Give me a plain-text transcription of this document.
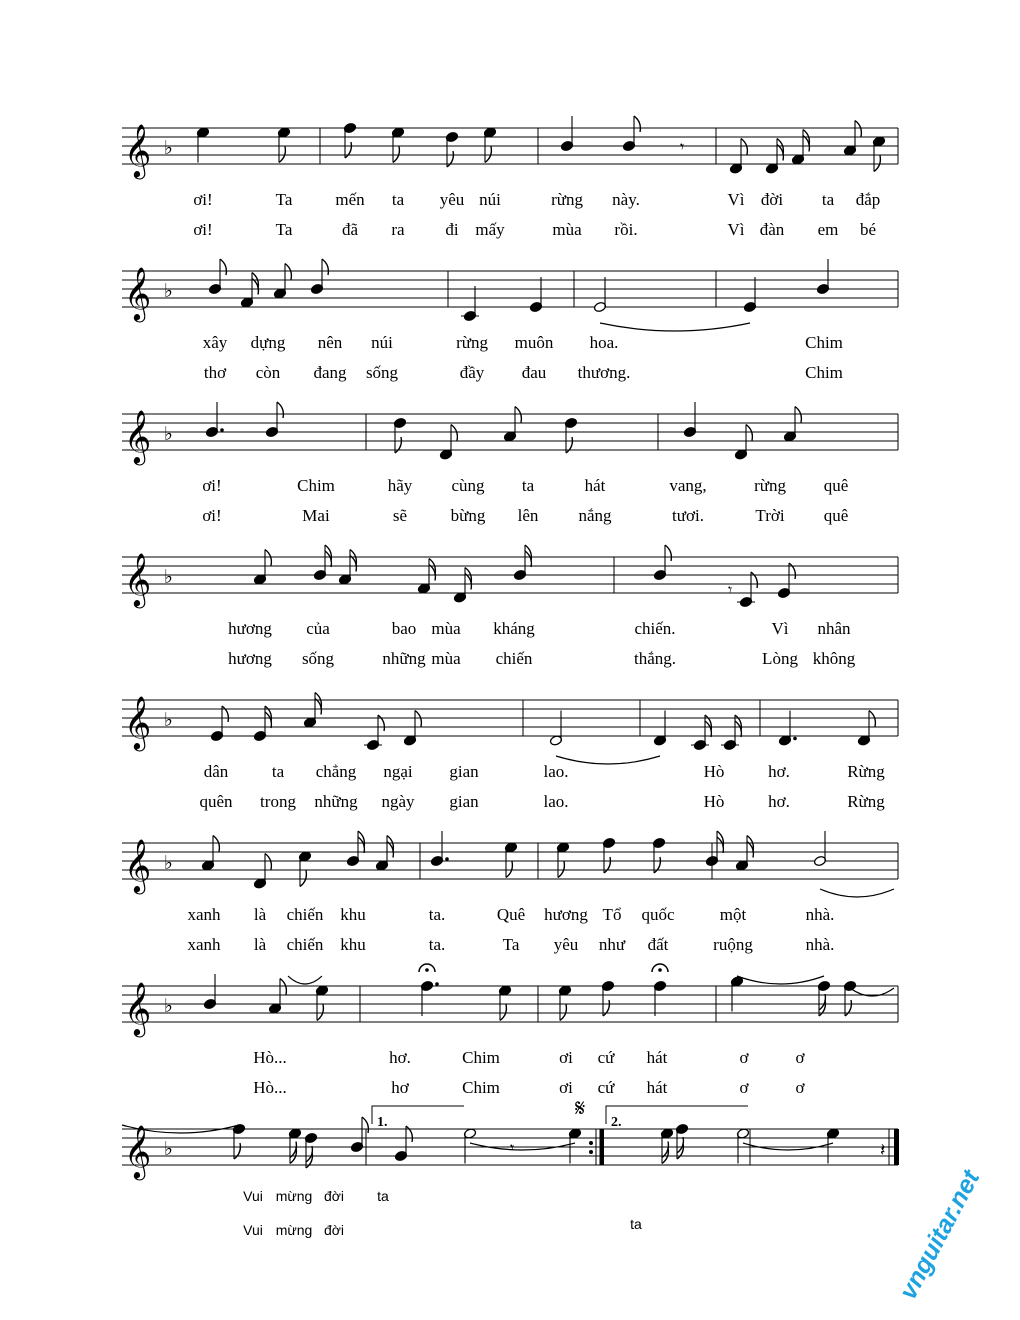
𝄞 ♭
𝄞 ♭
𝄞 ♭
𝄞 ♭
𝄞 ♭
𝄞 ♭
𝄞 ♭
𝄞 ♭
𝄾
𝄾
𝄾	𝄽
1.	2.
𝄋
ơi!	Ta	mến ta yêu núi	rừng này.	Vì đời ta đắp
ơi!	Ta	đã ra đi mấy	mùa rồi.	Vì đàn em bé
xây dựng nên núi	rừng muôn hoa.	Chim
thơ còn đang sống	đầy đau thương.	Chim
ơi!	Chim	hãy cùng ta	hát	vang,	rừng quê
ơi!	Mai	sẽ	bừng lên nắng	tươi.	Trời quê
hương của	bao mùa kháng	chiến.	Vì nhân
hương sống	những mùa chiến	thắng.	Lòng không
dân	ta chẳng ngại gian	lao.	Hò	hơ.	Rừng
quên trong những ngày gian	lao.	Hò	hơ.	Rừng
xanh là chiến khu	ta.	Quê hương Tổ quốc	một	nhà.
xanh là chiến khu	ta.	Ta yêu như đất	ruộng	nhà.
Hò...	hơ.	Chim	ơi cứ hát	ơ	ơ
Hò...	hơ	Chim	ơi cứ hát	ơ	ơ
Vui mừng đời ta
Vui mừng đời	ta	vnguitar.net
